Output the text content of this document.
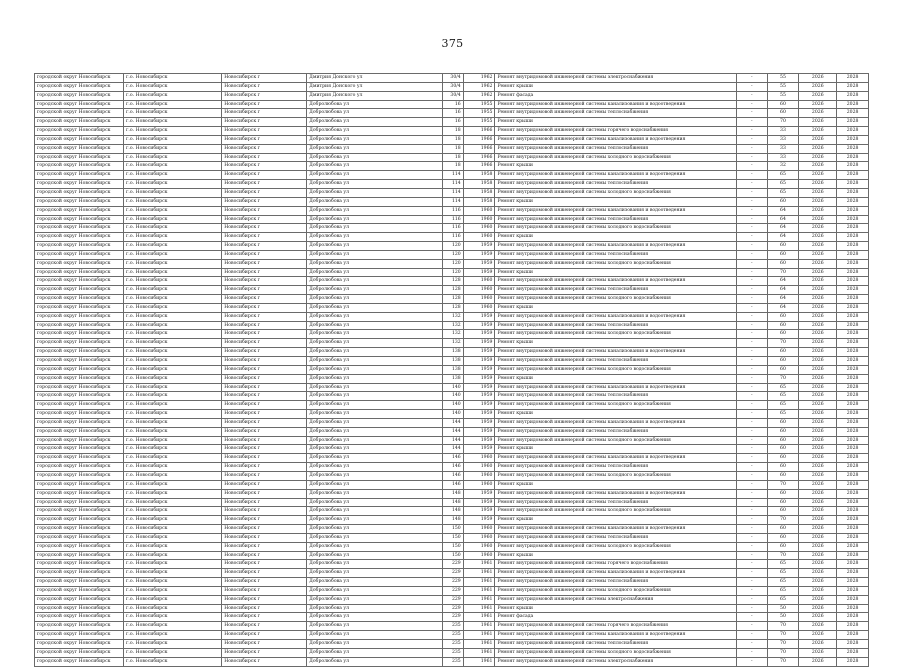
375
городской округ Новосибирск	г.о. Новосибирск	Новосибирск г	Дмитрия Донского ул	30/4	1962	Ремонт внутридомовой инженерной системы электроснабжения	-	55	2026	2028
городской округ Новосибирск	г.о. Новосибирск	Новосибирск г	Дмитрия Донского ул	30/4	1962	Ремонт крыши	-	55	2026	2028
городской округ Новосибирск	г.о. Новосибирск	Новосибирск г	Дмитрия Донского ул	30/4	1962	Ремонт фасада	-	55	2026	2028
городской округ Новосибирск	г.о. Новосибирск	Новосибирск г	Добролюбова ул	16	1955	Ремонт внутридомовой инженерной системы канализования и водоотведения	-	60	2026	2028
городской округ Новосибирск	г.о. Новосибирск	Новосибирск г	Добролюбова ул	16	1955	Ремонт внутридомовой инженерной системы теплоснабжения	-	60	2026	2028
городской округ Новосибирск	г.о. Новосибирск	Новосибирск г	Добролюбова ул	16	1955	Ремонт крыши	-	70	2026	2028
городской округ Новосибирск	г.о. Новосибирск	Новосибирск г	Добролюбова ул	18	1966	Ремонт внутридомовой инженерной системы горячего водоснабжения	-	33	2026	2028
городской округ Новосибирск	г.о. Новосибирск	Новосибирск г	Добролюбова ул	18	1966	Ремонт внутридомовой инженерной системы канализования и водоотведения	-	33	2026	2028
городской округ Новосибирск	г.о. Новосибирск	Новосибирск г	Добролюбова ул	18	1966	Ремонт внутридомовой инженерной системы теплоснабжения	-	33	2026	2028
городской округ Новосибирск	г.о. Новосибирск	Новосибирск г	Добролюбова ул	18	1966	Ремонт внутридомовой инженерной системы холодного водоснабжения	-	33	2026	2028
городской округ Новосибирск	г.о. Новосибирск	Новосибирск г	Добролюбова ул	18	1966	Ремонт крыши	-	32	2026	2028
городской округ Новосибирск	г.о. Новосибирск	Новосибирск г	Добролюбова ул	114	1958	Ремонт внутридомовой инженерной системы канализования и водоотведения	-	65	2026	2028
городской округ Новосибирск	г.о. Новосибирск	Новосибирск г	Добролюбова ул	114	1958	Ремонт внутридомовой инженерной системы теплоснабжения	-	65	2026	2028
городской округ Новосибирск	г.о. Новосибирск	Новосибирск г	Добролюбова ул	114	1958	Ремонт внутридомовой инженерной системы холодного водоснабжения	-	65	2026	2028
городской округ Новосибирск	г.о. Новосибирск	Новосибирск г	Добролюбова ул	114	1958	Ремонт крыши	-	60	2026	2028
городской округ Новосибирск	г.о. Новосибирск	Новосибирск г	Добролюбова ул	116	1960	Ремонт внутридомовой инженерной системы канализования и водоотведения	-	64	2026	2028
городской округ Новосибирск	г.о. Новосибирск	Новосибирск г	Добролюбова ул	116	1960	Ремонт внутридомовой инженерной системы теплоснабжения	-	64	2026	2028
городской округ Новосибирск	г.о. Новосибирск	Новосибирск г	Добролюбова ул	116	1960	Ремонт внутридомовой инженерной системы холодного водоснабжения	-	64	2026	2028
городской округ Новосибирск	г.о. Новосибирск	Новосибирск г	Добролюбова ул	116	1960	Ремонт крыши	-	64	2026	2028
городской округ Новосибирск	г.о. Новосибирск	Новосибирск г	Добролюбова ул	120	1959	Ремонт внутридомовой инженерной системы канализования и водоотведения	-	60	2026	2028
городской округ Новосибирск	г.о. Новосибирск	Новосибирск г	Добролюбова ул	120	1959	Ремонт внутридомовой инженерной системы теплоснабжения	-	60	2026	2028
городской округ Новосибирск	г.о. Новосибирск	Новосибирск г	Добролюбова ул	120	1959	Ремонт внутридомовой инженерной системы холодного водоснабжения	-	60	2026	2028
городской округ Новосибирск	г.о. Новосибирск	Новосибирск г	Добролюбова ул	120	1959	Ремонт крыши	-	70	2026	2028
городской округ Новосибирск	г.о. Новосибирск	Новосибирск г	Добролюбова ул	128	1960	Ремонт внутридомовой инженерной системы канализования и водоотведения	-	64	2026	2028
городской округ Новосибирск	г.о. Новосибирск	Новосибирск г	Добролюбова ул	128	1960	Ремонт внутридомовой инженерной системы теплоснабжения	-	64	2026	2028
городской округ Новосибирск	г.о. Новосибирск	Новосибирск г	Добролюбова ул	128	1960	Ремонт внутридомовой инженерной системы холодного водоснабжения	-	64	2026	2028
городской округ Новосибирск	г.о. Новосибирск	Новосибирск г	Добролюбова ул	128	1960	Ремонт крыши	-	64	2026	2028
городской округ Новосибирск	г.о. Новосибирск	Новосибирск г	Добролюбова ул	132	1959	Ремонт внутридомовой инженерной системы канализования и водоотведения	-	60	2026	2028
городской округ Новосибирск	г.о. Новосибирск	Новосибирск г	Добролюбова ул	132	1959	Ремонт внутридомовой инженерной системы теплоснабжения	-	60	2026	2028
городской округ Новосибирск	г.о. Новосибирск	Новосибирск г	Добролюбова ул	132	1959	Ремонт внутридомовой инженерной системы холодного водоснабжения	-	60	2026	2028
городской округ Новосибирск	г.о. Новосибирск	Новосибирск г	Добролюбова ул	132	1959	Ремонт крыши	-	70	2026	2028
городской округ Новосибирск	г.о. Новосибирск	Новосибирск г	Добролюбова ул	138	1959	Ремонт внутридомовой инженерной системы канализования и водоотведения	-	60	2026	2028
городской округ Новосибирск	г.о. Новосибирск	Новосибирск г	Добролюбова ул	138	1959	Ремонт внутридомовой инженерной системы теплоснабжения	-	60	2026	2028
городской округ Новосибирск	г.о. Новосибирск	Новосибирск г	Добролюбова ул	138	1959	Ремонт внутридомовой инженерной системы холодного водоснабжения	-	60	2026	2028
городской округ Новосибирск	г.о. Новосибирск	Новосибирск г	Добролюбова ул	138	1959	Ремонт крыши	-	70	2026	2028
городской округ Новосибирск	г.о. Новосибирск	Новосибирск г	Добролюбова ул	140	1959	Ремонт внутридомовой инженерной системы канализования и водоотведения	-	65	2026	2028
городской округ Новосибирск	г.о. Новосибирск	Новосибирск г	Добролюбова ул	140	1959	Ремонт внутридомовой инженерной системы теплоснабжения	-	65	2026	2028
городской округ Новосибирск	г.о. Новосибирск	Новосибирск г	Добролюбова ул	140	1959	Ремонт внутридомовой инженерной системы холодного водоснабжения	-	65	2026	2028
городской округ Новосибирск	г.о. Новосибирск	Новосибирск г	Добролюбова ул	140	1959	Ремонт крыши	-	65	2026	2028
городской округ Новосибирск	г.о. Новосибирск	Новосибирск г	Добролюбова ул	144	1959	Ремонт внутридомовой инженерной системы канализования и водоотведения	-	60	2026	2028
городской округ Новосибирск	г.о. Новосибирск	Новосибирск г	Добролюбова ул	144	1959	Ремонт внутридомовой инженерной системы теплоснабжения	-	60	2026	2028
городской округ Новосибирск	г.о. Новосибирск	Новосибирск г	Добролюбова ул	144	1959	Ремонт внутридомовой инженерной системы холодного водоснабжения	-	60	2026	2028
городской округ Новосибирск	г.о. Новосибирск	Новосибирск г	Добролюбова ул	144	1959	Ремонт крыши	-	60	2026	2028
городской округ Новосибирск	г.о. Новосибирск	Новосибирск г	Добролюбова ул	146	1960	Ремонт внутридомовой инженерной системы канализования и водоотведения	-	60	2026	2028
городской округ Новосибирск	г.о. Новосибирск	Новосибирск г	Добролюбова ул	146	1960	Ремонт внутридомовой инженерной системы теплоснабжения	-	60	2026	2028
городской округ Новосибирск	г.о. Новосибирск	Новосибирск г	Добролюбова ул	146	1960	Ремонт внутридомовой инженерной системы холодного водоснабжения	-	60	2026	2028
городской округ Новосибирск	г.о. Новосибирск	Новосибирск г	Добролюбова ул	146	1960	Ремонт крыши	-	70	2026	2028
городской округ Новосибирск	г.о. Новосибирск	Новосибирск г	Добролюбова ул	148	1959	Ремонт внутридомовой инженерной системы канализования и водоотведения	-	60	2026	2028
городской округ Новосибирск	г.о. Новосибирск	Новосибирск г	Добролюбова ул	148	1959	Ремонт внутридомовой инженерной системы теплоснабжения	-	60	2026	2028
городской округ Новосибирск	г.о. Новосибирск	Новосибирск г	Добролюбова ул	148	1959	Ремонт внутридомовой инженерной системы холодного водоснабжения	-	60	2026	2028
городской округ Новосибирск	г.о. Новосибирск	Новосибирск г	Добролюбова ул	148	1959	Ремонт крыши	-	70	2026	2028
городской округ Новосибирск	г.о. Новосибирск	Новосибирск г	Добролюбова ул	150	1960	Ремонт внутридомовой инженерной системы канализования и водоотведения	-	60	2026	2028
городской округ Новосибирск	г.о. Новосибирск	Новосибирск г	Добролюбова ул	150	1960	Ремонт внутридомовой инженерной системы теплоснабжения	-	60	2026	2028
городской округ Новосибирск	г.о. Новосибирск	Новосибирск г	Добролюбова ул	150	1960	Ремонт внутридомовой инженерной системы холодного водоснабжения	-	60	2026	2028
городской округ Новосибирск	г.о. Новосибирск	Новосибирск г	Добролюбова ул	150	1960	Ремонт крыши	-	70	2026	2028
городской округ Новосибирск	г.о. Новосибирск	Новосибирск г	Добролюбова ул	229	1961	Ремонт внутридомовой инженерной системы горячего водоснабжения	-	65	2026	2028
городской округ Новосибирск	г.о. Новосибирск	Новосибирск г	Добролюбова ул	229	1961	Ремонт внутридомовой инженерной системы канализования и водоотведения	-	65	2026	2028
городской округ Новосибирск	г.о. Новосибирск	Новосибирск г	Добролюбова ул	229	1961	Ремонт внутридомовой инженерной системы теплоснабжения	-	65	2026	2028
городской округ Новосибирск	г.о. Новосибирск	Новосибирск г	Добролюбова ул	229	1961	Ремонт внутридомовой инженерной системы холодного водоснабжения	-	65	2026	2028
городской округ Новосибирск	г.о. Новосибирск	Новосибирск г	Добролюбова ул	229	1961	Ремонт внутридомовой инженерной системы электроснабжения	-	65	2026	2028
городской округ Новосибирск	г.о. Новосибирск	Новосибирск г	Добролюбова ул	229	1961	Ремонт крыши	-	50	2026	2028
городской округ Новосибирск	г.о. Новосибирск	Новосибирск г	Добролюбова ул	229	1961	Ремонт фасада	-	50	2026	2028
городской округ Новосибирск	г.о. Новосибирск	Новосибирск г	Добролюбова ул	235	1961	Ремонт внутридомовой инженерной системы горячего водоснабжения	-	70	2026	2028
городской округ Новосибирск	г.о. Новосибирск	Новосибирск г	Добролюбова ул	235	1961	Ремонт внутридомовой инженерной системы канализования и водоотведения	-	70	2026	2028
городской округ Новосибирск	г.о. Новосибирск	Новосибирск г	Добролюбова ул	235	1961	Ремонт внутридомовой инженерной системы теплоснабжения	-	70	2026	2028
городской округ Новосибирск	г.о. Новосибирск	Новосибирск г	Добролюбова ул	235	1961	Ремонт внутридомовой инженерной системы холодного водоснабжения	-	70	2026	2028
городской округ Новосибирск	г.о. Новосибирск	Новосибирск г	Добролюбова ул	235	1961	Ремонт внутридомовой инженерной системы электроснабжения	-	70	2026	2028
